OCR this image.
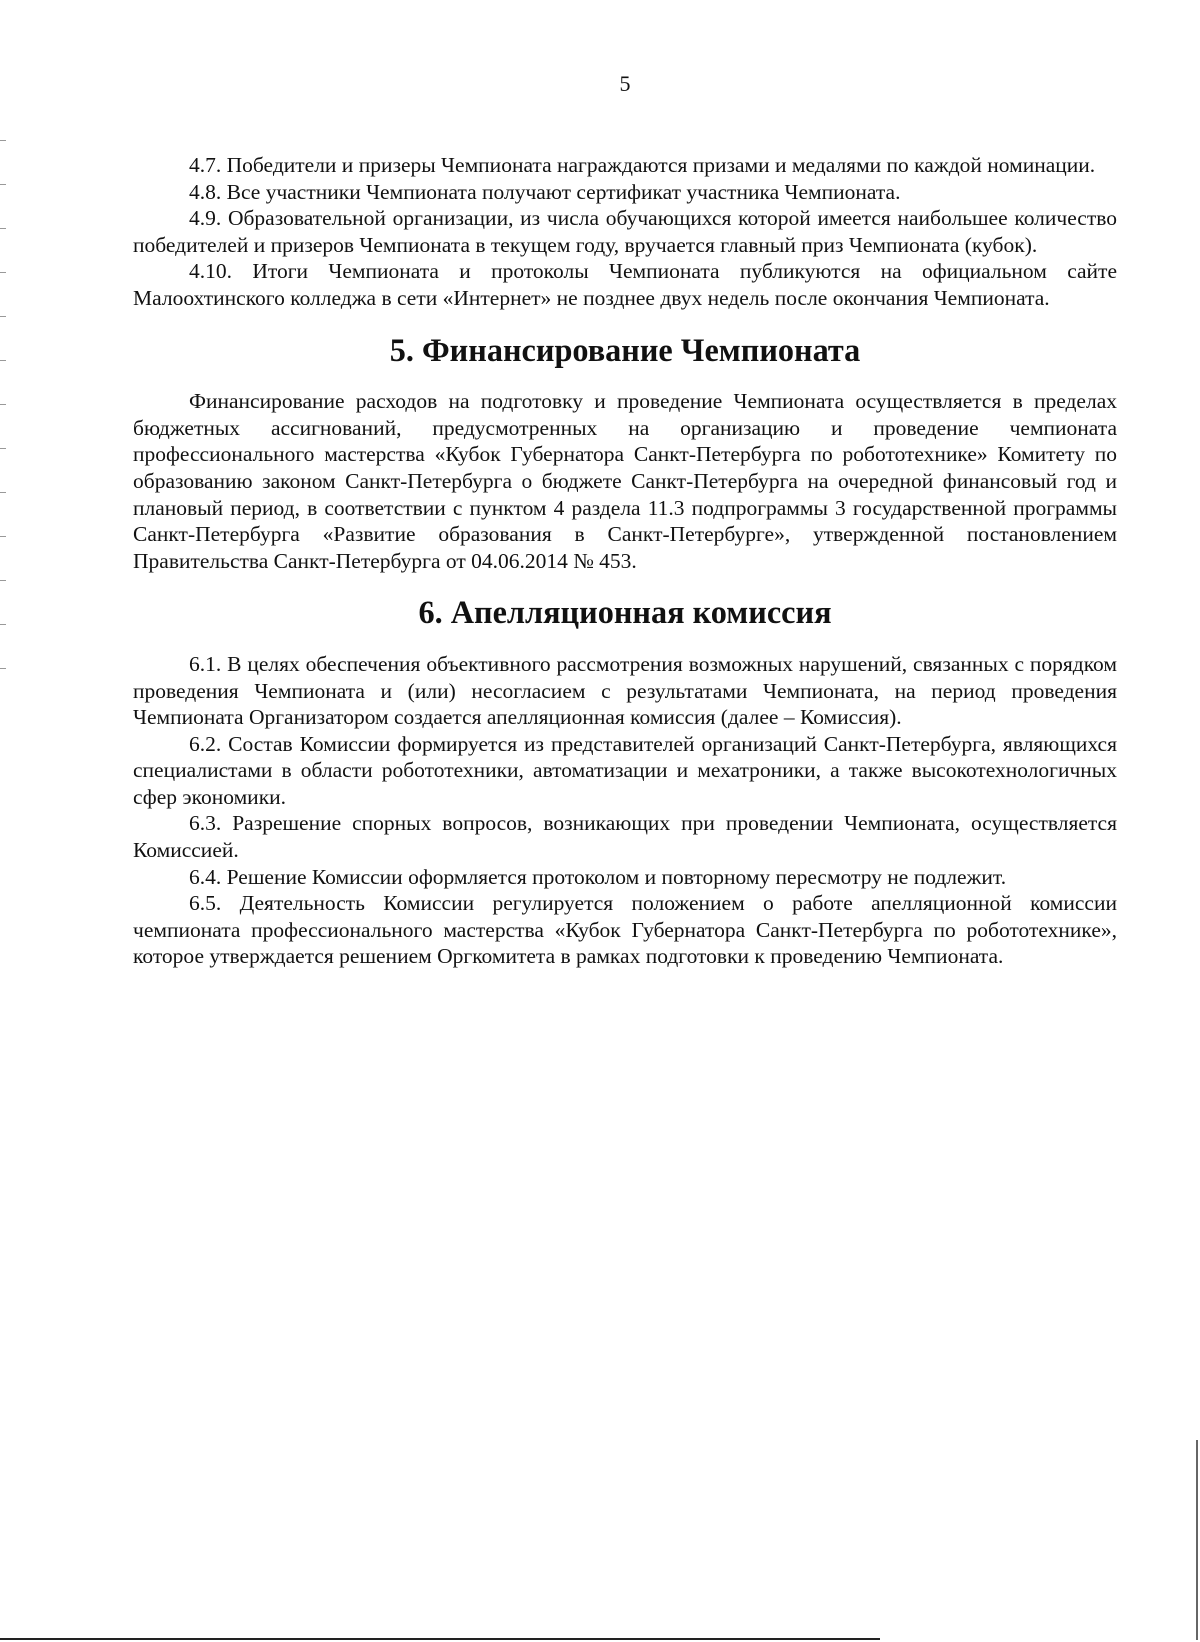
5

4.7. Победители и призеры Чемпионата награждаются призами и медалями по каждой номинации.

4.8. Все участники Чемпионата получают сертификат участника Чемпионата.

4.9. Образовательной организации, из числа обучающихся которой имеется наибольшее количество победителей и призеров Чемпионата в текущем году, вручается главный приз Чемпионата (кубок).

4.10. Итоги Чемпионата и протоколы Чемпионата публикуются на официальном сайте Малоохтинского колледжа в сети «Интернет» не позднее двух недель после окончания Чемпионата.

5. Финансирование Чемпионата

Финансирование расходов на подготовку и проведение Чемпионата осуществляется в пределах бюджетных ассигнований, предусмотренных на организацию и проведение чемпионата профессионального мастерства «Кубок Губернатора Санкт-Петербурга по робототехнике» Комитету по образованию законом Санкт-Петербурга о бюджете Санкт-Петербурга на очередной финансовый год и плановый период, в соответствии с пунктом 4 раздела 11.3 подпрограммы 3 государственной программы Санкт-Петербурга «Развитие образования в Санкт-Петербурге», утвержденной постановлением Правительства Санкт-Петербурга от 04.06.2014 № 453.

6. Апелляционная комиссия

6.1. В целях обеспечения объективного рассмотрения возможных нарушений, связанных с порядком проведения Чемпионата и (или) несогласием с результатами Чемпионата, на период проведения Чемпионата Организатором создается апелляционная комиссия (далее – Комиссия).

6.2. Состав Комиссии формируется из представителей организаций Санкт-Петербурга, являющихся специалистами в области робототехники, автоматизации и мехатроники, а также высокотехнологичных сфер экономики.

6.3. Разрешение спорных вопросов, возникающих при проведении Чемпионата, осуществляется Комиссией.

6.4. Решение Комиссии оформляется протоколом и повторному пересмотру не подлежит.

6.5. Деятельность Комиссии регулируется положением о работе апелляционной комиссии чемпионата профессионального мастерства «Кубок Губернатора Санкт-Петербурга по робототехнике», которое утверждается решением Оргкомитета в рамках подготовки к проведению Чемпионата.
